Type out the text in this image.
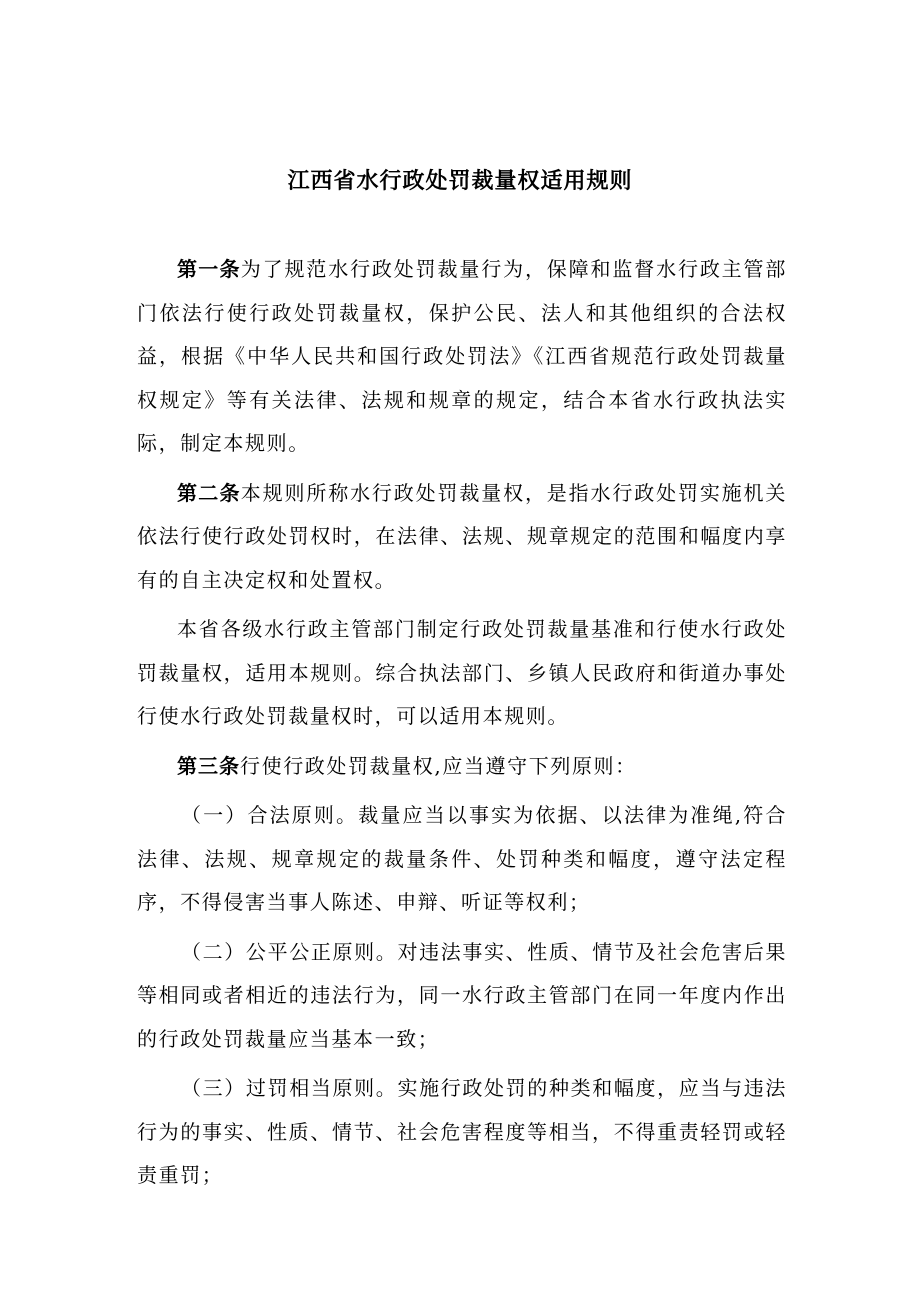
江西省水行政处罚裁量权适用规则

第一条为了规范水行政处罚裁量行为，保障和监督水行政主管部门依法行使行政处罚裁量权，保护公民、法人和其他组织的合法权益，根据《中华人民共和国行政处罚法》《江西省规范行政处罚裁量权规定》等有关法律、法规和规章的规定，结合本省水行政执法实际，制定本规则。

第二条本规则所称水行政处罚裁量权，是指水行政处罚实施机关依法行使行政处罚权时，在法律、法规、规章规定的范围和幅度内享有的自主决定权和处置权。

本省各级水行政主管部门制定行政处罚裁量基准和行使水行政处罚裁量权，适用本规则。综合执法部门、乡镇人民政府和街道办事处行使水行政处罚裁量权时，可以适用本规则。

第三条行使行政处罚裁量权,应当遵守下列原则：

（一）合法原则。裁量应当以事实为依据、以法律为准绳,符合法律、法规、规章规定的裁量条件、处罚种类和幅度，遵守法定程序，不得侵害当事人陈述、申辩、听证等权利；

（二）公平公正原则。对违法事实、性质、情节及社会危害后果等相同或者相近的违法行为，同一水行政主管部门在同一年度内作出的行政处罚裁量应当基本一致；

（三）过罚相当原则。实施行政处罚的种类和幅度，应当与违法行为的事实、性质、情节、社会危害程度等相当，不得重责轻罚或轻责重罚；
